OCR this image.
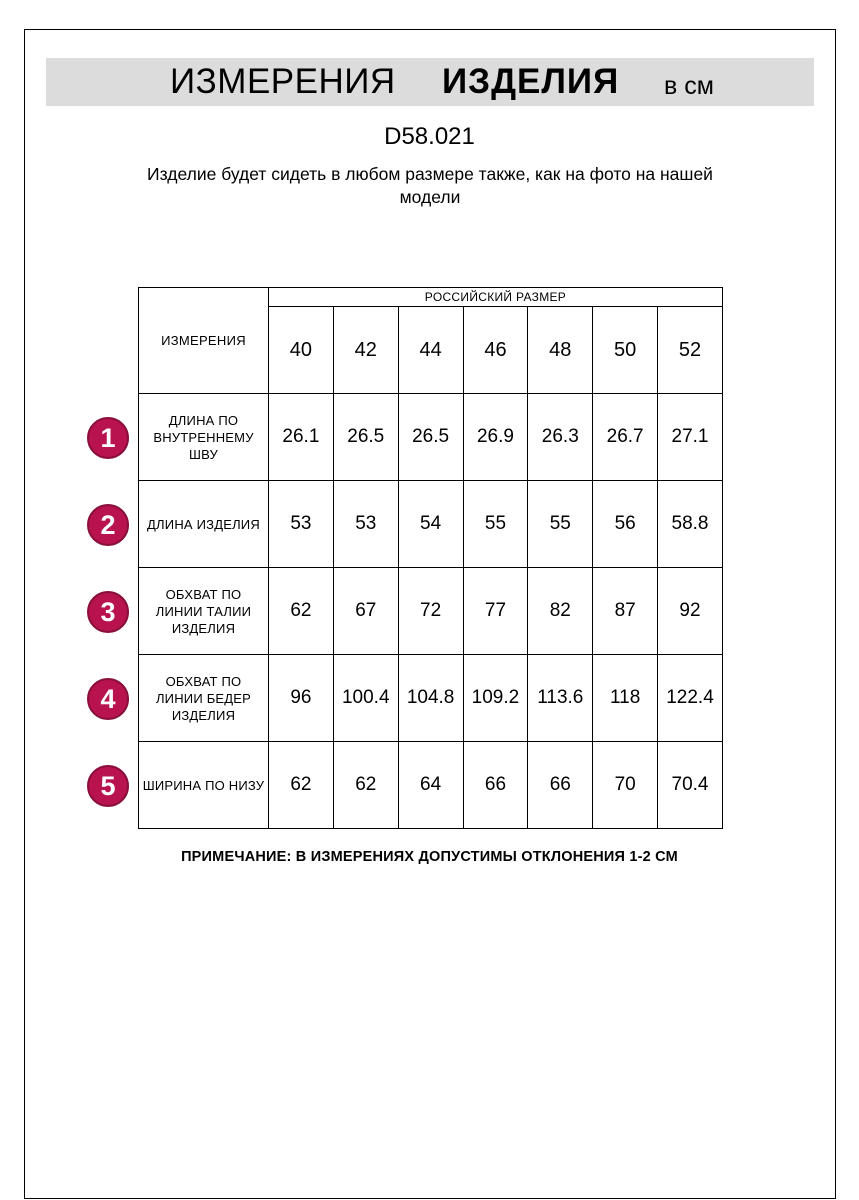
ИЗМЕРЕНИЯ ИЗДЕЛИЯ в см
D58.021
Изделие будет сидеть в любом размере также, как на фото на нашей модели
ИЗМЕРЕНИЯ	РОССИЙСКИЙ РАЗМЕР						
	40	42	44	46	48	50	52
ДЛИНА ПО ВНУТРЕННЕМУ ШВУ	26.1	26.5	26.5	26.9	26.3	26.7	27.1
ДЛИНА ИЗДЕЛИЯ	53	53	54	55	55	56	58.8
ОБХВАТ ПО ЛИНИИ ТАЛИИ ИЗДЕЛИЯ	62	67	72	77	82	87	92
ОБХВАТ ПО ЛИНИИ БЕДЕР ИЗДЕЛИЯ	96	100.4	104.8	109.2	113.6	118	122.4
ШИРИНА ПО НИЗУ	62	62	64	66	66	70	70.4
1
2
3
4
5
ПРИМЕЧАНИЕ: В ИЗМЕРЕНИЯХ ДОПУСТИМЫ ОТКЛОНЕНИЯ 1-2 СМ
